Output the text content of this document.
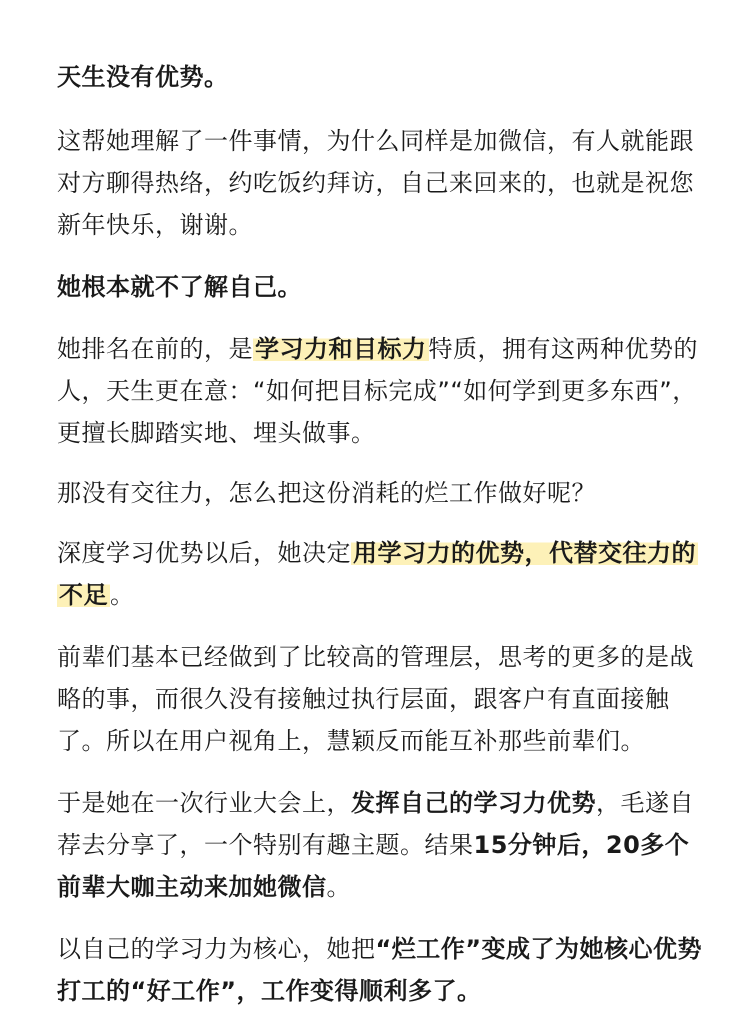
天生没有优势。

这帮她理解了一件事情，为什么同样是加微信，有人就能跟对方聊得热络，约吃饭约拜访，自己来回来的，也就是祝您新年快乐，谢谢。

她根本就不了解自己。

她排名在前的，是学习力和目标力特质，拥有这两种优势的人，天生更在意：“如何把目标完成”“如何学到更多东西”，更擅长脚踏实地、埋头做事。

那没有交往力，怎么把这份消耗的烂工作做好呢？

深度学习优势以后，她决定用学习力的优势，代替交往力的不足。

前辈们基本已经做到了比较高的管理层，思考的更多的是战略的事，而很久没有接触过执行层面，跟客户有直面接触了。所以在用户视角上，慧颖反而能互补那些前辈们。

于是她在一次行业大会上，发挥自己的学习力优势，毛遂自荐去分享了，一个特别有趣主题。结果15分钟后，20多个前辈大咖主动来加她微信。

以自己的学习力为核心，她把“烂工作”变成了为她核心优势打工的“好工作”，工作变得顺利多了。
